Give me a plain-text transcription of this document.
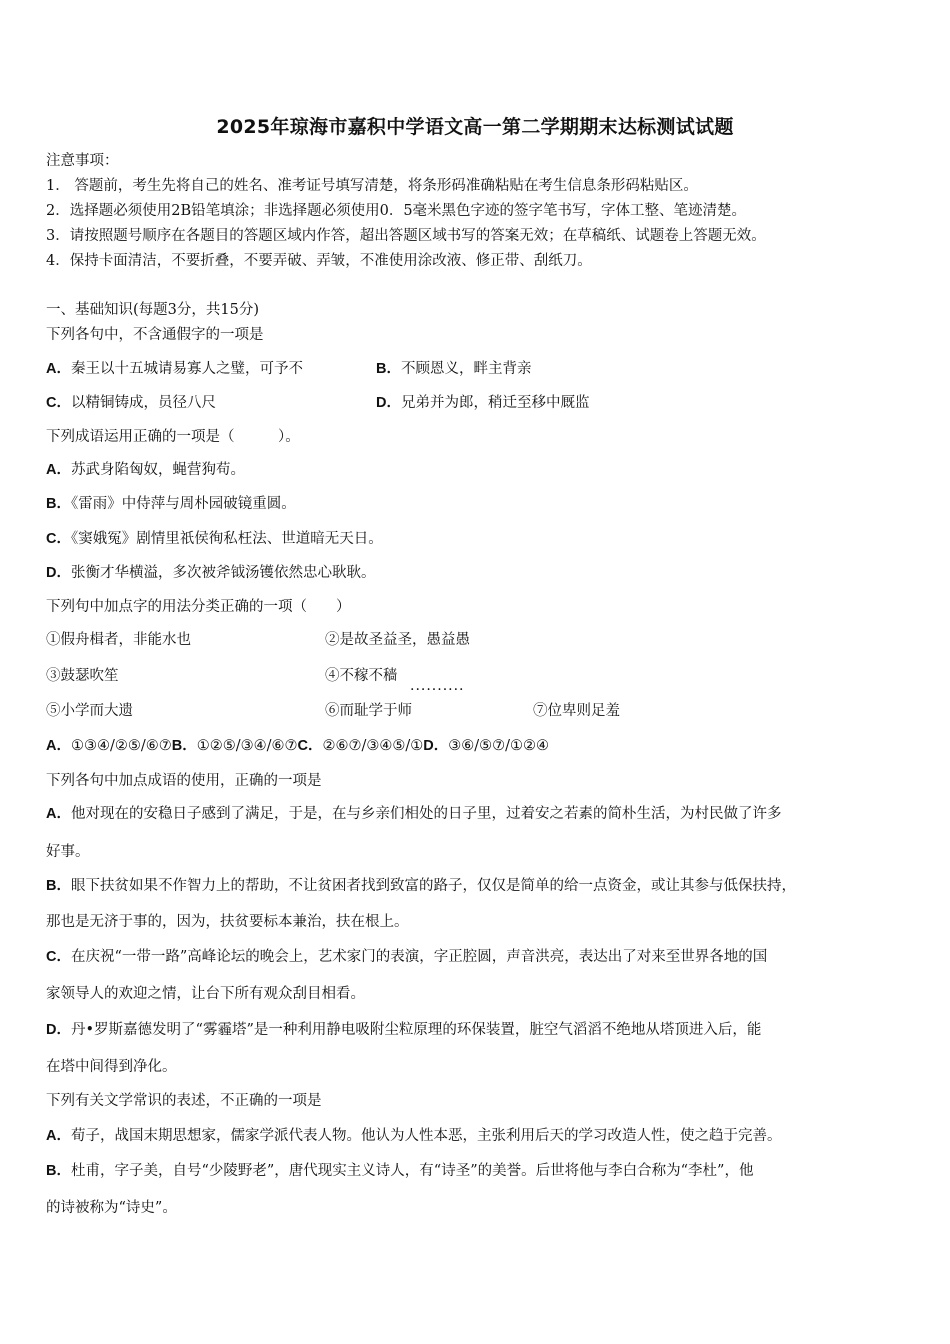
2025年琼海市嘉积中学语文高一第二学期期末达标测试试题
注意事项：
1． 答题前，考生先将自己的姓名、准考证号填写清楚，将条形码准确粘贴在考生信息条形码粘贴区。
2．选择题必须使用2B铅笔填涂；非选择题必须使用0．5毫米黑色字迹的签字笔书写，字体工整、笔迹清楚。
3．请按照题号顺序在各题目的答题区域内作答，超出答题区域书写的答案无效；在草稿纸、试题卷上答题无效。
4．保持卡面清洁，不要折叠，不要弄破、弄皱，不准使用涂改液、修正带、刮纸刀。
一、基础知识(每题3分，共15分)
下列各句中，不含通假字的一项是
A．秦王以十五城请易寡人之璧，可予不	B．不顾恩义，畔主背亲
C．以精铜铸成，员径八尺	D．兄弟并为郎，稍迁至移中厩监
下列成语运用正确的一项是（　　　）。
A．苏武身陷匈奴，蝇营狗苟。
B．《雷雨》中侍萍与周朴园破镜重圆。
C．《窦娥冤》剧情里祇侯徇私枉法、世道暗无天日。
D．张衡才华横溢，多次被斧钺汤镬依然忠心耿耿。
下列句中加点字的用法分类正确的一项（　　）
①假舟楫者，非能水也	②是故圣益圣，愚益愚
③鼓瑟吹笙	④不稼不穑
..........
⑤小学而大遗	⑥而耻学于师	⑦位卑则足羞
A．①③④/②⑤/⑥⑦B．①②⑤/③④/⑥⑦C．②⑥⑦/③④⑤/①D．③⑥/⑤⑦/①②④
下列各句中加点成语的使用，正确的一项是
A．他对现在的安稳日子感到了满足，于是，在与乡亲们相处的日子里，过着安之若素的简朴生活，为村民做了许多
好事。
B．眼下扶贫如果不作智力上的帮助，不让贫困者找到致富的路子，仅仅是简单的给一点资金，或让其参与低保扶持，
那也是无济于事的，因为，扶贫要标本兼治，扶在根上。
C．在庆祝“一带一路”高峰论坛的晚会上，艺术家门的表演，字正腔圆，声音洪亮，表达出了对来至世界各地的国
家领导人的欢迎之情，让台下所有观众刮目相看。
D．丹•罗斯嘉德发明了“雾霾塔”是一种利用静电吸附尘粒原理的环保装置，脏空气滔滔不绝地从塔顶进入后，能
在塔中间得到净化。
下列有关文学常识的表述，不正确的一项是
A．荀子，战国末期思想家，儒家学派代表人物。他认为人性本恶，主张利用后天的学习改造人性，使之趋于完善。
B．杜甫，字子美，自号“少陵野老”，唐代现实主义诗人，有“诗圣”的美誉。后世将他与李白合称为“李杜”，他
的诗被称为“诗史”。
